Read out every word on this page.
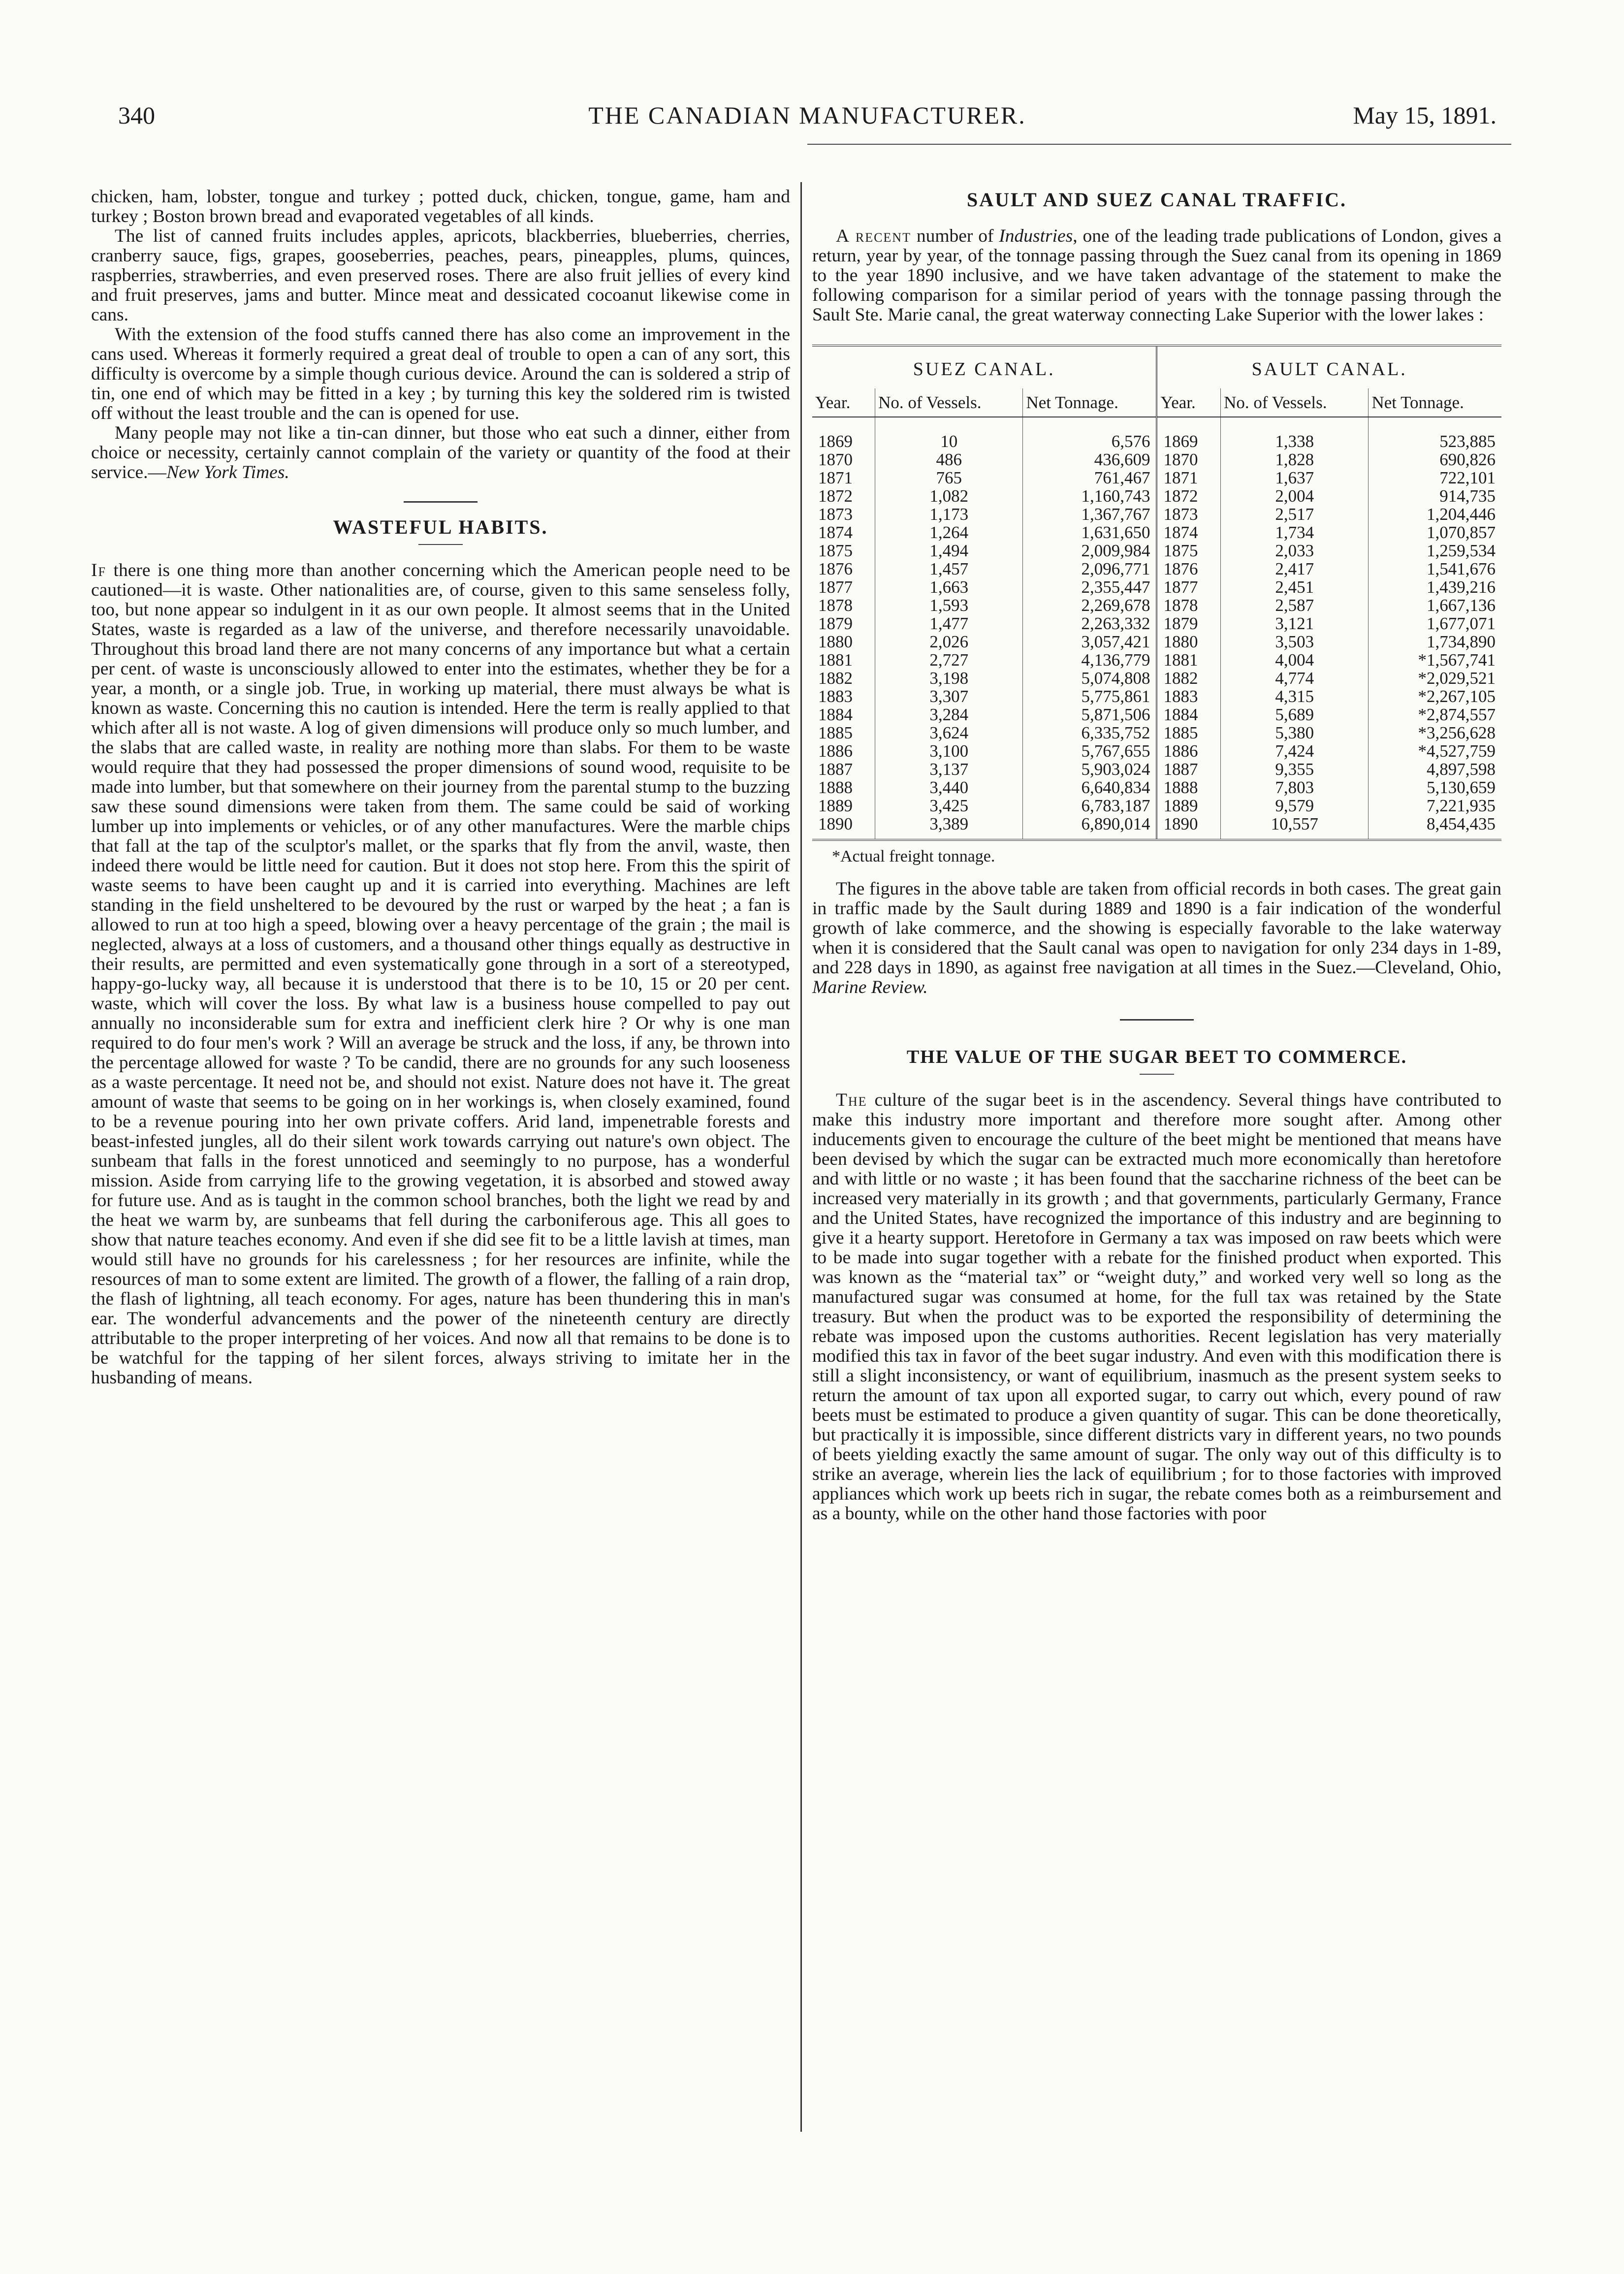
340	THE CANADIAN MANUFACTURER.	May 15, 1891.

chicken, ham, lobster, tongue and turkey ; potted duck, chicken, tongue, game, ham and turkey ; Boston brown bread and evaporated vegetables of all kinds.

The list of canned fruits includes apples, apricots, blackberries, blueberries, cherries, cranberry sauce, figs, grapes, gooseberries, peaches, pears, pineapples, plums, quinces, raspberries, strawberries, and even preserved roses. There are also fruit jellies of every kind and fruit preserves, jams and butter. Mince meat and dessicated cocoanut likewise come in cans.

With the extension of the food stuffs canned there has also come an improvement in the cans used. Whereas it formerly required a great deal of trouble to open a can of any sort, this difficulty is overcome by a simple though curious device. Around the can is soldered a strip of tin, one end of which may be fitted in a key ; by turning this key the soldered rim is twisted off without the least trouble and the can is opened for use.

Many people may not like a tin-can dinner, but those who eat such a dinner, either from choice or necessity, certainly cannot complain of the variety or quantity of the food at their service.—New York Times.

WASTEFUL HABITS.

If there is one thing more than another concerning which the American people need to be cautioned—it is waste. Other nationalities are, of course, given to this same senseless folly, too, but none appear so indulgent in it as our own people. It almost seems that in the United States, waste is regarded as a law of the universe, and therefore necessarily unavoidable. Throughout this broad land there are not many concerns of any importance but what a certain per cent. of waste is unconsciously allowed to enter into the estimates, whether they be for a year, a month, or a single job. True, in working up material, there must always be what is known as waste. Concerning this no caution is intended. Here the term is really applied to that which after all is not waste. A log of given dimensions will produce only so much lumber, and the slabs that are called waste, in reality are nothing more than slabs. For them to be waste would require that they had possessed the proper dimensions of sound wood, requisite to be made into lumber, but that somewhere on their journey from the parental stump to the buzzing saw these sound dimensions were taken from them. The same could be said of working lumber up into implements or vehicles, or of any other manufactures. Were the marble chips that fall at the tap of the sculptor's mallet, or the sparks that fly from the anvil, waste, then indeed there would be little need for caution. But it does not stop here. From this the spirit of waste seems to have been caught up and it is carried into everything. Machines are left standing in the field unsheltered to be devoured by the rust or warped by the heat ; a fan is allowed to run at too high a speed, blowing over a heavy percentage of the grain ; the mail is neglected, always at a loss of customers, and a thousand other things equally as destructive in their results, are permitted and even systematically gone through in a sort of a stereotyped, happy-go-lucky way, all because it is understood that there is to be 10, 15 or 20 per cent. waste, which will cover the loss. By what law is a business house compelled to pay out annually no inconsiderable sum for extra and inefficient clerk hire ? Or why is one man required to do four men's work ? Will an average be struck and the loss, if any, be thrown into the percentage allowed for waste ? To be candid, there are no grounds for any such looseness as a waste percentage. It need not be, and should not exist. Nature does not have it. The great amount of waste that seems to be going on in her workings is, when closely examined, found to be a revenue pouring into her own private coffers. Arid land, impenetrable forests and beast-infested jungles, all do their silent work towards carrying out nature's own object. The sunbeam that falls in the forest unnoticed and seemingly to no purpose, has a wonderful mission. Aside from carrying life to the growing vegetation, it is absorbed and stowed away for future use. And as is taught in the common school branches, both the light we read by and the heat we warm by, are sunbeams that fell during the carboniferous age. This all goes to show that nature teaches economy. And even if she did see fit to be a little lavish at times, man would still have no grounds for his carelessness ; for her resources are infinite, while the resources of man to some extent are limited. The growth of a flower, the falling of a rain drop, the flash of lightning, all teach economy. For ages, nature has been thundering this in man's ear. The wonderful advancements and the power of the nineteenth century are directly attributable to the proper interpreting of her voices. And now all that remains to be done is to be watchful for the tapping of her silent forces, always striving to imitate her in the husbanding of means.

SAULT AND SUEZ CANAL TRAFFIC.

A recent number of Industries, one of the leading trade publications of London, gives a return, year by year, of the tonnage passing through the Suez canal from its opening in 1869 to the year 1890 inclusive, and we have taken advantage of the statement to make the following comparison for a similar period of years with the tonnage passing through the Sault Ste. Marie canal, the great waterway connecting Lake Superior with the lower lakes :

SUEZ CANAL.			SAULT CANAL.		
Year.	No. of Vessels.	Net Tonnage.	Year.	No. of Vessels.	Net Tonnage.
1869	10	6,576	1869	1,338	523,885
1870	486	436,609	1870	1,828	690,826
1871	765	761,467	1871	1,637	722,101
1872	1,082	1,160,743	1872	2,004	914,735
1873	1,173	1,367,767	1873	2,517	1,204,446
1874	1,264	1,631,650	1874	1,734	1,070,857
1875	1,494	2,009,984	1875	2,033	1,259,534
1876	1,457	2,096,771	1876	2,417	1,541,676
1877	1,663	2,355,447	1877	2,451	1,439,216
1878	1,593	2,269,678	1878	2,587	1,667,136
1879	1,477	2,263,332	1879	3,121	1,677,071
1880	2,026	3,057,421	1880	3,503	1,734,890
1881	2,727	4,136,779	1881	4,004	*1,567,741
1882	3,198	5,074,808	1882	4,774	*2,029,521
1883	3,307	5,775,861	1883	4,315	*2,267,105
1884	3,284	5,871,506	1884	5,689	*2,874,557
1885	3,624	6,335,752	1885	5,380	*3,256,628
1886	3,100	5,767,655	1886	7,424	*4,527,759
1887	3,137	5,903,024	1887	9,355	4,897,598
1888	3,440	6,640,834	1888	7,803	5,130,659
1889	3,425	6,783,187	1889	9,579	7,221,935
1890	3,389	6,890,014	1890	10,557	8,454,435

*Actual freight tonnage.

The figures in the above table are taken from official records in both cases. The great gain in traffic made by the Sault during 1889 and 1890 is a fair indication of the wonderful growth of lake commerce, and the showing is especially favorable to the lake waterway when it is considered that the Sault canal was open to navigation for only 234 days in 1-89, and 228 days in 1890, as against free navigation at all times in the Suez.—Cleveland, Ohio, Marine Review.

THE VALUE OF THE SUGAR BEET TO COMMERCE.

The culture of the sugar beet is in the ascendency. Several things have contributed to make this industry more important and therefore more sought after. Among other inducements given to encourage the culture of the beet might be mentioned that means have been devised by which the sugar can be extracted much more economically than heretofore and with little or no waste ; it has been found that the saccharine richness of the beet can be increased very materially in its growth ; and that governments, particularly Germany, France and the United States, have recognized the importance of this industry and are beginning to give it a hearty support. Heretofore in Germany a tax was imposed on raw beets which were to be made into sugar together with a rebate for the finished product when exported. This was known as the “material tax” or “weight duty,” and worked very well so long as the manufactured sugar was consumed at home, for the full tax was retained by the State treasury. But when the product was to be exported the responsibility of determining the rebate was imposed upon the customs authorities. Recent legislation has very materially modified this tax in favor of the beet sugar industry. And even with this modification there is still a slight inconsistency, or want of equilibrium, inasmuch as the present system seeks to return the amount of tax upon all exported sugar, to carry out which, every pound of raw beets must be estimated to produce a given quantity of sugar. This can be done theoretically, but practically it is impossible, since different districts vary in different years, no two pounds of beets yielding exactly the same amount of sugar. The only way out of this difficulty is to strike an average, wherein lies the lack of equilibrium ; for to those factories with improved appliances which work up beets rich in sugar, the rebate comes both as a reimbursement and as a bounty, while on the other hand those factories with poor
